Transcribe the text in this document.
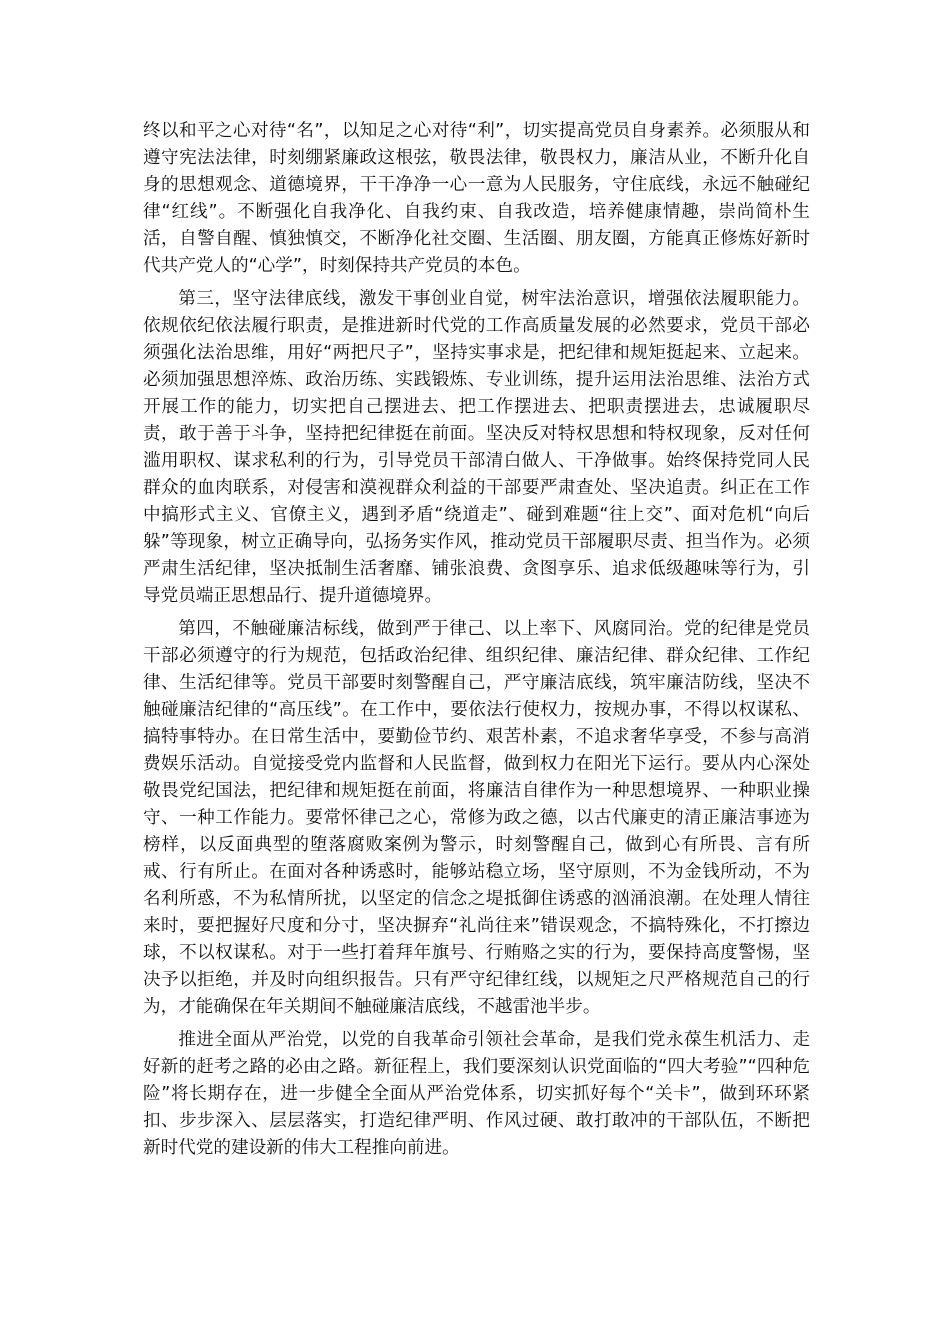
终以和平之心对待“名”，以知足之心对待“利”，切实提高党员自身素养。必须服从和遵守宪法法律，时刻绷紧廉政这根弦，敬畏法律，敬畏权力，廉洁从业，不断升化自身的思想观念、道德境界，干干净净一心一意为人民服务，守住底线，永远不触碰纪律“红线”。不断强化自我净化、自我约束、自我改造，培养健康情趣，崇尚简朴生活，自警自醒、慎独慎交，不断净化社交圈、生活圈、朋友圈，方能真正修炼好新时代共产党人的“心学”，时刻保持共产党员的本色。

第三，坚守法律底线，激发干事创业自觉，树牢法治意识，增强依法履职能力。依规依纪依法履行职责，是推进新时代党的工作高质量发展的必然要求，党员干部必须强化法治思维，用好“两把尺子”，坚持实事求是，把纪律和规矩挺起来、立起来。必须加强思想淬炼、政治历练、实践锻炼、专业训练，提升运用法治思维、法治方式开展工作的能力，切实把自己摆进去、把工作摆进去、把职责摆进去，忠诚履职尽责，敢于善于斗争，坚持把纪律挺在前面。坚决反对特权思想和特权现象，反对任何滥用职权、谋求私利的行为，引导党员干部清白做人、干净做事。始终保持党同人民群众的血肉联系，对侵害和漠视群众利益的干部要严肃查处、坚决追责。纠正在工作中搞形式主义、官僚主义，遇到矛盾“绕道走”、碰到难题“往上交”、面对危机“向后躲”等现象，树立正确导向，弘扬务实作风，推动党员干部履职尽责、担当作为。必须严肃生活纪律，坚决抵制生活奢靡、铺张浪费、贪图享乐、追求低级趣味等行为，引导党员端正思想品行、提升道德境界。

第四，不触碰廉洁标线，做到严于律己、以上率下、风腐同治。党的纪律是党员干部必须遵守的行为规范，包括政治纪律、组织纪律、廉洁纪律、群众纪律、工作纪律、生活纪律等。党员干部要时刻警醒自己，严守廉洁底线，筑牢廉洁防线，坚决不触碰廉洁纪律的“高压线”。在工作中，要依法行使权力，按规办事，不得以权谋私、搞特事特办。在日常生活中，要勤俭节约、艰苦朴素，不追求奢华享受，不参与高消费娱乐活动。自觉接受党内监督和人民监督，做到权力在阳光下运行。要从内心深处敬畏党纪国法，把纪律和规矩挺在前面，将廉洁自律作为一种思想境界、一种职业操守、一种工作能力。要常怀律己之心，常修为政之德，以古代廉吏的清正廉洁事迹为榜样，以反面典型的堕落腐败案例为警示，时刻警醒自己，做到心有所畏、言有所戒、行有所止。在面对各种诱惑时，能够站稳立场，坚守原则，不为金钱所动，不为名利所惑，不为私情所扰，以坚定的信念之堤抵御住诱惑的汹涌浪潮。在处理人情往来时，要把握好尺度和分寸，坚决摒弃“礼尚往来”错误观念，不搞特殊化，不打擦边球，不以权谋私。对于一些打着拜年旗号、行贿赂之实的行为，要保持高度警惕，坚决予以拒绝，并及时向组织报告。只有严守纪律红线，以规矩之尺严格规范自己的行为，才能确保在年关期间不触碰廉洁底线，不越雷池半步。

推进全面从严治党，以党的自我革命引领社会革命，是我们党永葆生机活力、走好新的赶考之路的必由之路。新征程上，我们要深刻认识党面临的“四大考验”“四种危险”将长期存在，进一步健全全面从严治党体系，切实抓好每个“关卡”，做到环环紧扣、步步深入、层层落实，打造纪律严明、作风过硬、敢打敢冲的干部队伍，不断把新时代党的建设新的伟大工程推向前进。
